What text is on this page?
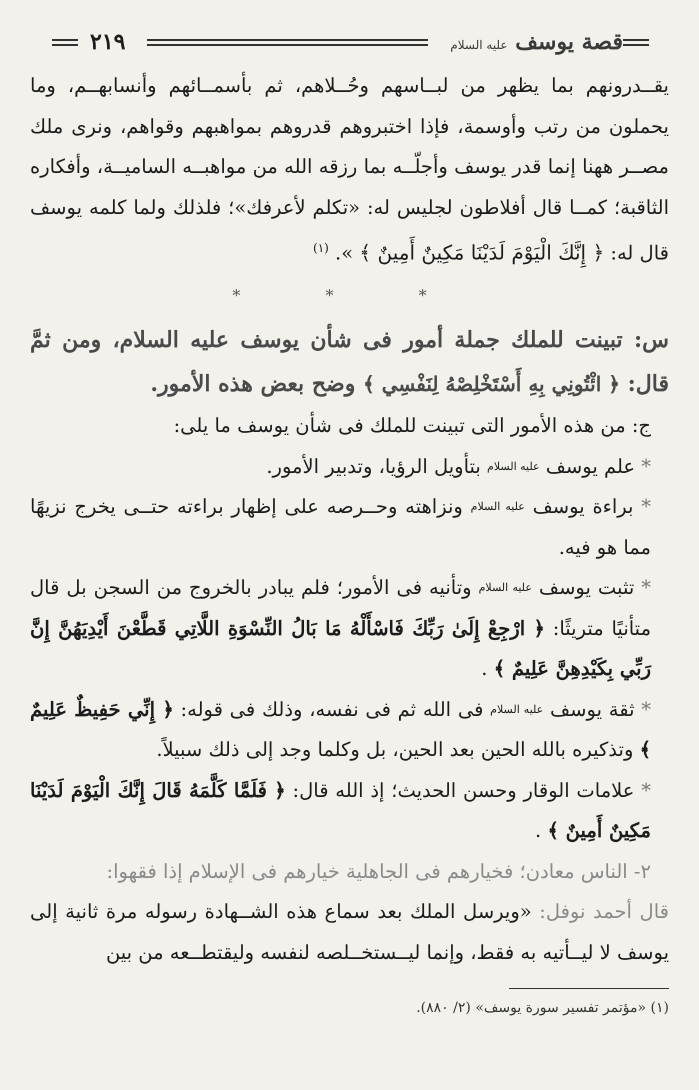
قصة يوسف عليه السلام
٢١٩

يقــدرونهم بما يظهر من لبــاسهم وحُــلاهم، ثم بأسمــائهم وأنسابهــم، وما يحملون من رتب وأوسمة، فإذا اختبروهم قدروهم بمواهبهم وقواهم، ونرى ملك مصــر ههنا إنما قدر يوسف وأجلّــه بما رزقه الله من مواهبــه الساميــة، وأفكاره الثاقبة؛ كمــا قال أفلاطون لجليس له: «تكلم لأعرفك»؛ فلذلك ولما كلمه يوسف قال له: ﴿ إِنَّكَ الْيَوْمَ لَدَيْنَا مَكِينٌ أَمِينٌ ﴾ ». $^{(١)}$

* * *

س: تبينت للملك جملة أمور فى شأن يوسف عليه السلام، ومن ثمَّ قال: ﴿ ائْتُونِي بِهِ أَسْتَخْلِصْهُ لِنَفْسِي ﴾ وضح بعض هذه الأمور.

ج: من هذه الأمور التى تبينت للملك فى شأن يوسف ما يلى:

* علم يوسف عليه السلام بتأويل الرؤيا، وتدبير الأمور.

* براءة يوسف عليه السلام ونزاهته وحــرصه على إظهار براءته حتــى يخرج نزيهًا مما هو فيه.

* تثبت يوسف عليه السلام وتأنيه فى الأمور؛ فلم يبادر بالخروج من السجن بل قال متأنيًا متريثًا: ﴿ ارْجِعْ إِلَىٰ رَبِّكَ فَاسْأَلْهُ مَا بَالُ النِّسْوَةِ اللَّاتِي قَطَّعْنَ أَيْدِيَهُنَّ إِنَّ رَبِّي بِكَيْدِهِنَّ عَلِيمٌ ﴾ .

* ثقة يوسف عليه السلام فى الله ثم فى نفسه، وذلك فى قوله: ﴿ إِنِّي حَفِيظٌ عَلِيمٌ ﴾ وتذكيره بالله الحين بعد الحين، بل وكلما وجد إلى ذلك سبيلاً.

* علامات الوقار وحسن الحديث؛ إذ الله قال: ﴿ فَلَمَّا كَلَّمَهُ قَالَ إِنَّكَ الْيَوْمَ لَدَيْنَا مَكِينٌ أَمِينٌ ﴾ .

٢- الناس معادن؛ فخيارهم فى الجاهلية خيارهم فى الإسلام إذا فقهوا:

قال أحمد نوفل: «ويرسل الملك بعد سماع هذه الشــهادة رسوله مرة ثانية إلى يوسف لا ليــأتيه به فقط، وإنما ليــستخــلصه لنفسه وليقتطــعه من بين

(١) «مؤتمر تفسير سورة يوسف» (٢/ ٨٨٠).
